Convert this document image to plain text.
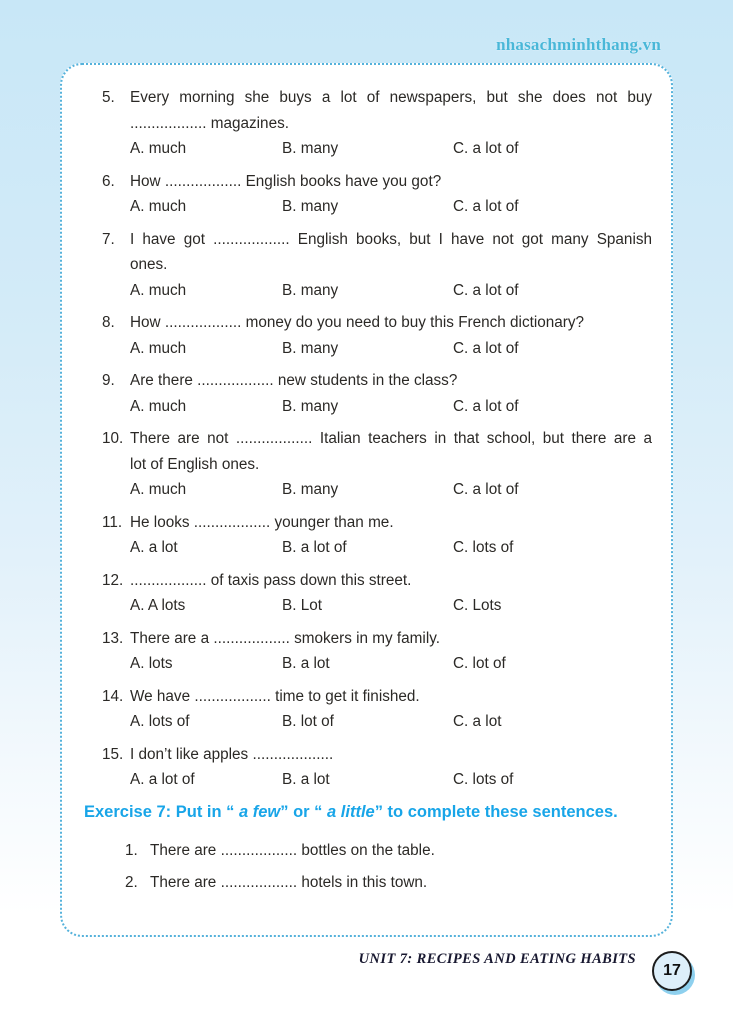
nhasachminhthang.vn
5. Every morning she buys a lot of newspapers, but she does not buy
.................. magazines.
A. much	B. many	C. a lot of
6. How .................. English books have you got?
A. much	B. many	C. a lot of
7. I have got .................. English books, but I have not got many Spanish
ones.
A. much	B. many	C. a lot of
8. How .................. money do you need to buy this French dictionary?
A. much	B. many	C. a lot of
9. Are there .................. new students in the class?
A. much	B. many	C. a lot of
10. There are not .................. Italian teachers in that school, but there are a
lot of English ones.
A. much	B. many	C. a lot of
11. He looks .................. younger than me.
A. a lot	B. a lot of	C. lots of
12. .................. of taxis pass down this street.
A. A lots	B. Lot	C. Lots
13. There are a .................. smokers in my family.
A. lots	B. a lot	C. lot of
14. We have .................. time to get it finished.
A. lots of	B. lot of	C. a lot
15. I don’t like apples ...................
A. a lot of	B. a lot	C. lots of
Exercise 7: Put in “ a few” or “ a little” to complete these sentences.
1. There are .................. bottles on the table.
2. There are .................. hotels in this town.
UNIT 7: RECIPES AND EATING HABITS
17
